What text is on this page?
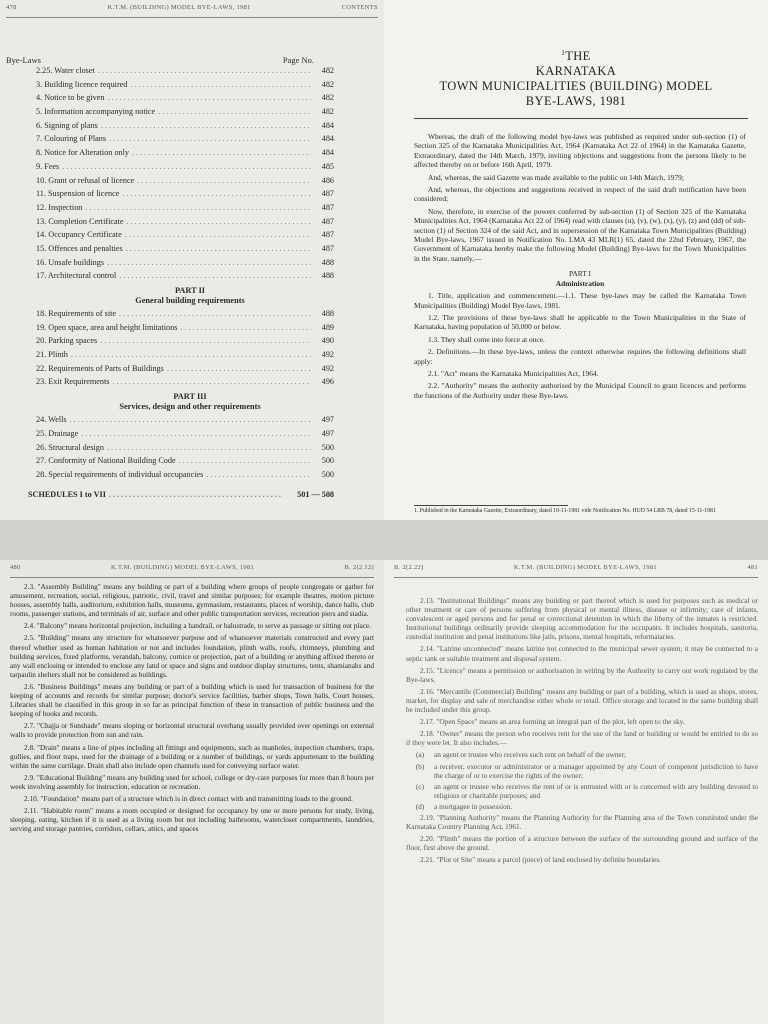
478	K.T.M. (BUILDING) MODEL BYE-LAWS, 1981	CONTENTS
Bye-Laws	Page No.
2.25. Water closet .....	482
3. Building licence required .....	482
4. Notice to be given .....	482
5. Information accompanying notice .....	482
6. Signing of plans .....	484
7. Colouring of Plans .....	484
8. Notice for Alteration only .....	484
9. Fees .....	485
10. Grant or refusal of licence .....	486
11. Suspension of licence .....	487
12. Inspection .....	487
13. Completion Certificate .....	487
14. Occupancy Certificate .....	487
15. Offences and penalties .....	487
16. Unsafe buildings .....	488
17. Architectural control .....	488
PART II
General building requirements
18. Requirements of site .....	488
19. Open space, area and height limitations .....	489
20. Parking spaces .....	490
21. Plinth .....	492
22. Requirements of Parts of Buildings .....	492
23. Exit Requirements .....	496
PART III
Services, design and other requirements
24. Wells .....	497
25. Drainage .....	497
26. Structural design .....	500
27. Conformity of National Building Code .....	500
28. Special requirements of individual occupancies .....	500
SCHEDULES I to VII .....	501 — 508
$^1$THE
KARNATAKA
TOWN MUNICIPALITIES (BUILDING) MODEL
BYE-LAWS, 1981

Whereas, the draft of the following model bye-laws was published as required under sub-section (1) of Section 325 of the Karnataka Municipalities Act, 1964 (Karnataka Act 22 of 1964) in the Karnataka Gazette, Extraordinary, dated the 14th March, 1979, inviting objections and suggestions from the persons likely to be affected thereby on or before 16th April, 1979.

And, whereas, the said Gazette was made available to the public on 14th March, 1979;

And, whereas, the objections and suggestions received in respect of the said draft notification have been considered;

Now, therefore, in exercise of the powers conferred by sub-section (1) of Section 325 of the Karnataka Municipalities Act, 1964 (Karnataka Act 22 of 1964) read with clauses (u), (v), (w), (x), (y), (z) and (dd) of sub-section (1) of Section 324 of the said Act, and in supersession of the Karnataka Town Municipalities (Building) Model Bye-laws, 1967 issued in Notification No. LMA 43 MLR(1) 65, dated the 22nd February, 1967, the Government of Karnataka hereby make the following Model (Building) Bye-laws for the Town Municipalities in the State, namely,—

PART I

Administration

1. Title, application and commencement.—1.1. These bye-laws may be called the Karnataka Town Municipalities (Building) Model Bye-laws, 1981.

1.2. The provisions of these bye-laws shall be applicable to the Town Municipalities in the State of Karnataka, having population of 50,000 or below.

1.3. They shall come into force at once.

2. Definitions.—In these bye-laws, unless the context otherwise requires the following definitions shall apply:

2.1. "Act" means the Karnataka Municipalities Act, 1964.

2.2. "Authority" means the authority authorised by the Municipal Council to grant licences and performs the functions of the Authority under these Bye-laws.

1. Published in the Karnataka Gazette, Extraordinary, dated 10-11-1981 vide Notification No. HUD 54 LRB 78, dated 15-11-1981
480	K.T.M. (BUILDING) MODEL BYE-LAWS, 1981	B. 2(2.12)

2.3. "Assembly Building" means any building or part of a building where groups of people congregate or gather for amusement, recreation, social, religious, patriotic, civil, travel and similar purposes; for example theatres, motion picture houses, assembly halls, auditorium, exhibition halls, museums, gymnasium, restaurants, places of worship, dance halls, club rooms, passenger stations, and terminals of air, surface and other public transportation services, recreation piers and stadia.

2.4. "Balcony" means horizontal projection, including a handrail, or balustrade, to serve as passage or sitting out place.

2.5. "Building" means any structure for whatsoever purpose and of whatsoever materials constructed and every part thereof whether used as human habitation or not and includes foundation, plinth walls, roofs, chimneys, plumbing and building services, fixed platforms, verandah, balcony, cornice or projection, part of a building or anything affixed thereto or any wall enclosing or intended to enclose any land or space and signs and outdoor display structures, tents, shamianahs and tarpaulin shelters shall not be considered as buildings.

2.6. "Business Buildings" means any building or part of a building which is used for transaction of business for the keeping of accounts and records for similar purpose; doctor's service facilities, barber shops, Town halls, Court houses, Libraries shall be classified in this group in so far as principal function of these in transaction of public business and the keeping of books and records.

2.7. "Chajja or Sunshade" means sloping or horizontal structural overhang usually provided over openings on external walls to provide protection from sun and rain.

2.8. "Drain" means a line of pipes including all fittings and equipments, such as manholes, inspection chambers, traps, gullies, and floor traps, used for the drainage of a building or a number of buildings, or yards appurtenant to the building within the same curtilage. Drain shall also include open channels used for conveying surface water.

2.9. "Educational Building" means any building used for school, college or dry-care purposes for more than 8 hours per week involving assembly for instruction, education or recreation.

2.10. "Foundation" means part of a structure which is in direct contact with and transmitting loads to the ground.

2.11. "Habitable room" means a room occupied or designed for occupancy by one or more persons for study, living, sleeping, eating, kitchen if it is used as a living room but not including bathrooms, watercloset compartments, laundries, serving and storage pantries, corridors, cellars, attics, and spaces

B. 2(2.22)	K.T.M. (BUILDING) MODEL BYE-LAWS, 1981	481

2.13. "Institutional Buildings" means any building or part thereof which is used for purposes such as medical or other treatment or care of persons suffering from physical or mental illness, disease or infirmity; care of infants, convalescent or aged persons and for penal or correctional detention in which the liberty of the inmates is restricted. Institutional buildings ordinarily provide sleeping accommodation for the occupants. It includes hospitals, sanitoria, custodial institution and penal institutions like jails, prisons, mental hospitals, reformataries.

2.14. "Latrine unconnected" means latrine not connected to the municipal sewer system; it may be connected to a septic tank or suitable treatment and disposal system.

2.15. "Licence" means a permission or authorisation in writing by the Authority to carry out work regulated by the Bye-laws.

2.16. "Mercantile (Commercial) Building" means any building or part of a building, which is used as shops, stores, market, for display and sale of merchandise either whole or retail. Office storage and located in the same building shall be included under this group.

2.17. "Open Space" means an area forming an integral part of the plot, left open to the sky.

2.18. "Owner" means the person who receives rent for the use of the land or building or would be entitled to do so if they were let. It also includes.—

(a)	an agent or trustee who receives such rent on behalf of the owner;
(b)	a receiver, executor or administrator or a manager appointed by any Court of competent jurisdiction to have the charge of or to exercise the rights of the owner;
(c)	an agent or trustee who receives the rent of or is entrusted with or is concerned with any building devoted to religious or charitable purposes; and
(d)	a mortgagee in possession.

2.19. "Planning Authority" means the Planning Authority for the Planning area of the Town constituted under the Karnataka Country Planning Act, 1961.

2.20. "Plinth" means the portion of a structure between the surface of the surrounding ground and surface of the floor, first above the ground.

2.21. "Plot or Site" means a parcel (piece) of land enclosed by definite boundaries.
